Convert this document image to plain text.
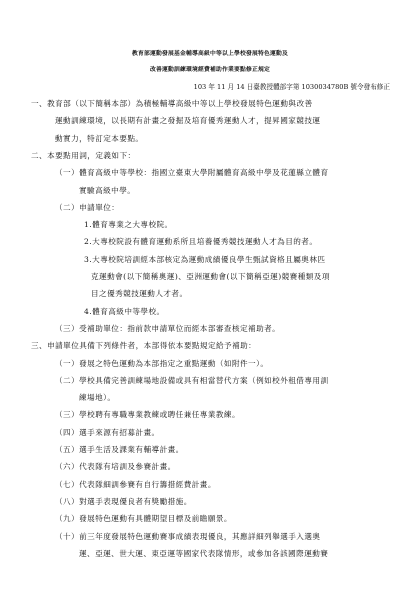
教育部運動發展基金輔導高級中等以上學校發展特色運動及
改善運動訓練環境經費補助作業要點修正規定
103 年 11 月 14 日臺教授體部字第 1030034780B 號令發布修正
一、教育部（以下簡稱本部）為積極輔導高級中等以上學校發展特色運動與改善
運動訓練環境，以長期有計畫之發掘及培育優秀運動人才，提昇國家競技運
動實力，特訂定本要點。
二、本要點用詞，定義如下：
（一）體育高級中等學校：指國立臺東大學附屬體育高級中學及花蓮縣立體育
實驗高級中學。
（二）申請單位：
1.體育專業之大專校院。
2.大專校院設有體育運動系所且培養優秀競技運動人才為目的者。
3.大專校院培訓經本部核定為運動成績優良學生甄試資格且屬奧林匹
克運動會(以下簡稱奧運)、亞洲運動會(以下簡稱亞運)競賽種類及項
目之優秀競技運動人才者。
4.體育高級中等學校。
（三）受補助單位：指前款申請單位而經本部審查核定補助者。
三、申請單位具備下列條件者，本部得依本要點規定給予補助：
（一）發展之特色運動為本部指定之重點運動（如附件一）。
（二）學校具備完善訓練場地設備或具有相當替代方案（例如校外租借專用訓
練場地）。
（三）學校聘有專職專業教練或聘任兼任專業教練。
（四）選手來源有招募計畫。
（五）選手生活及課業有輔導計畫。
（六）代表隊有培訓及參賽計畫。
（七）代表隊細訓參賽有自行籌措經費計畫。
（八）對選手表現優良者有獎勵措施。
（九）發展特色運動有具體期望目標及前瞻願景。
（十）前三年度發展特色運動賽事成績表現優良，其應詳細列舉選手入選奧
運、亞運、世大運、東亞運等國家代表隊情形，或參加各該國際運動賽
